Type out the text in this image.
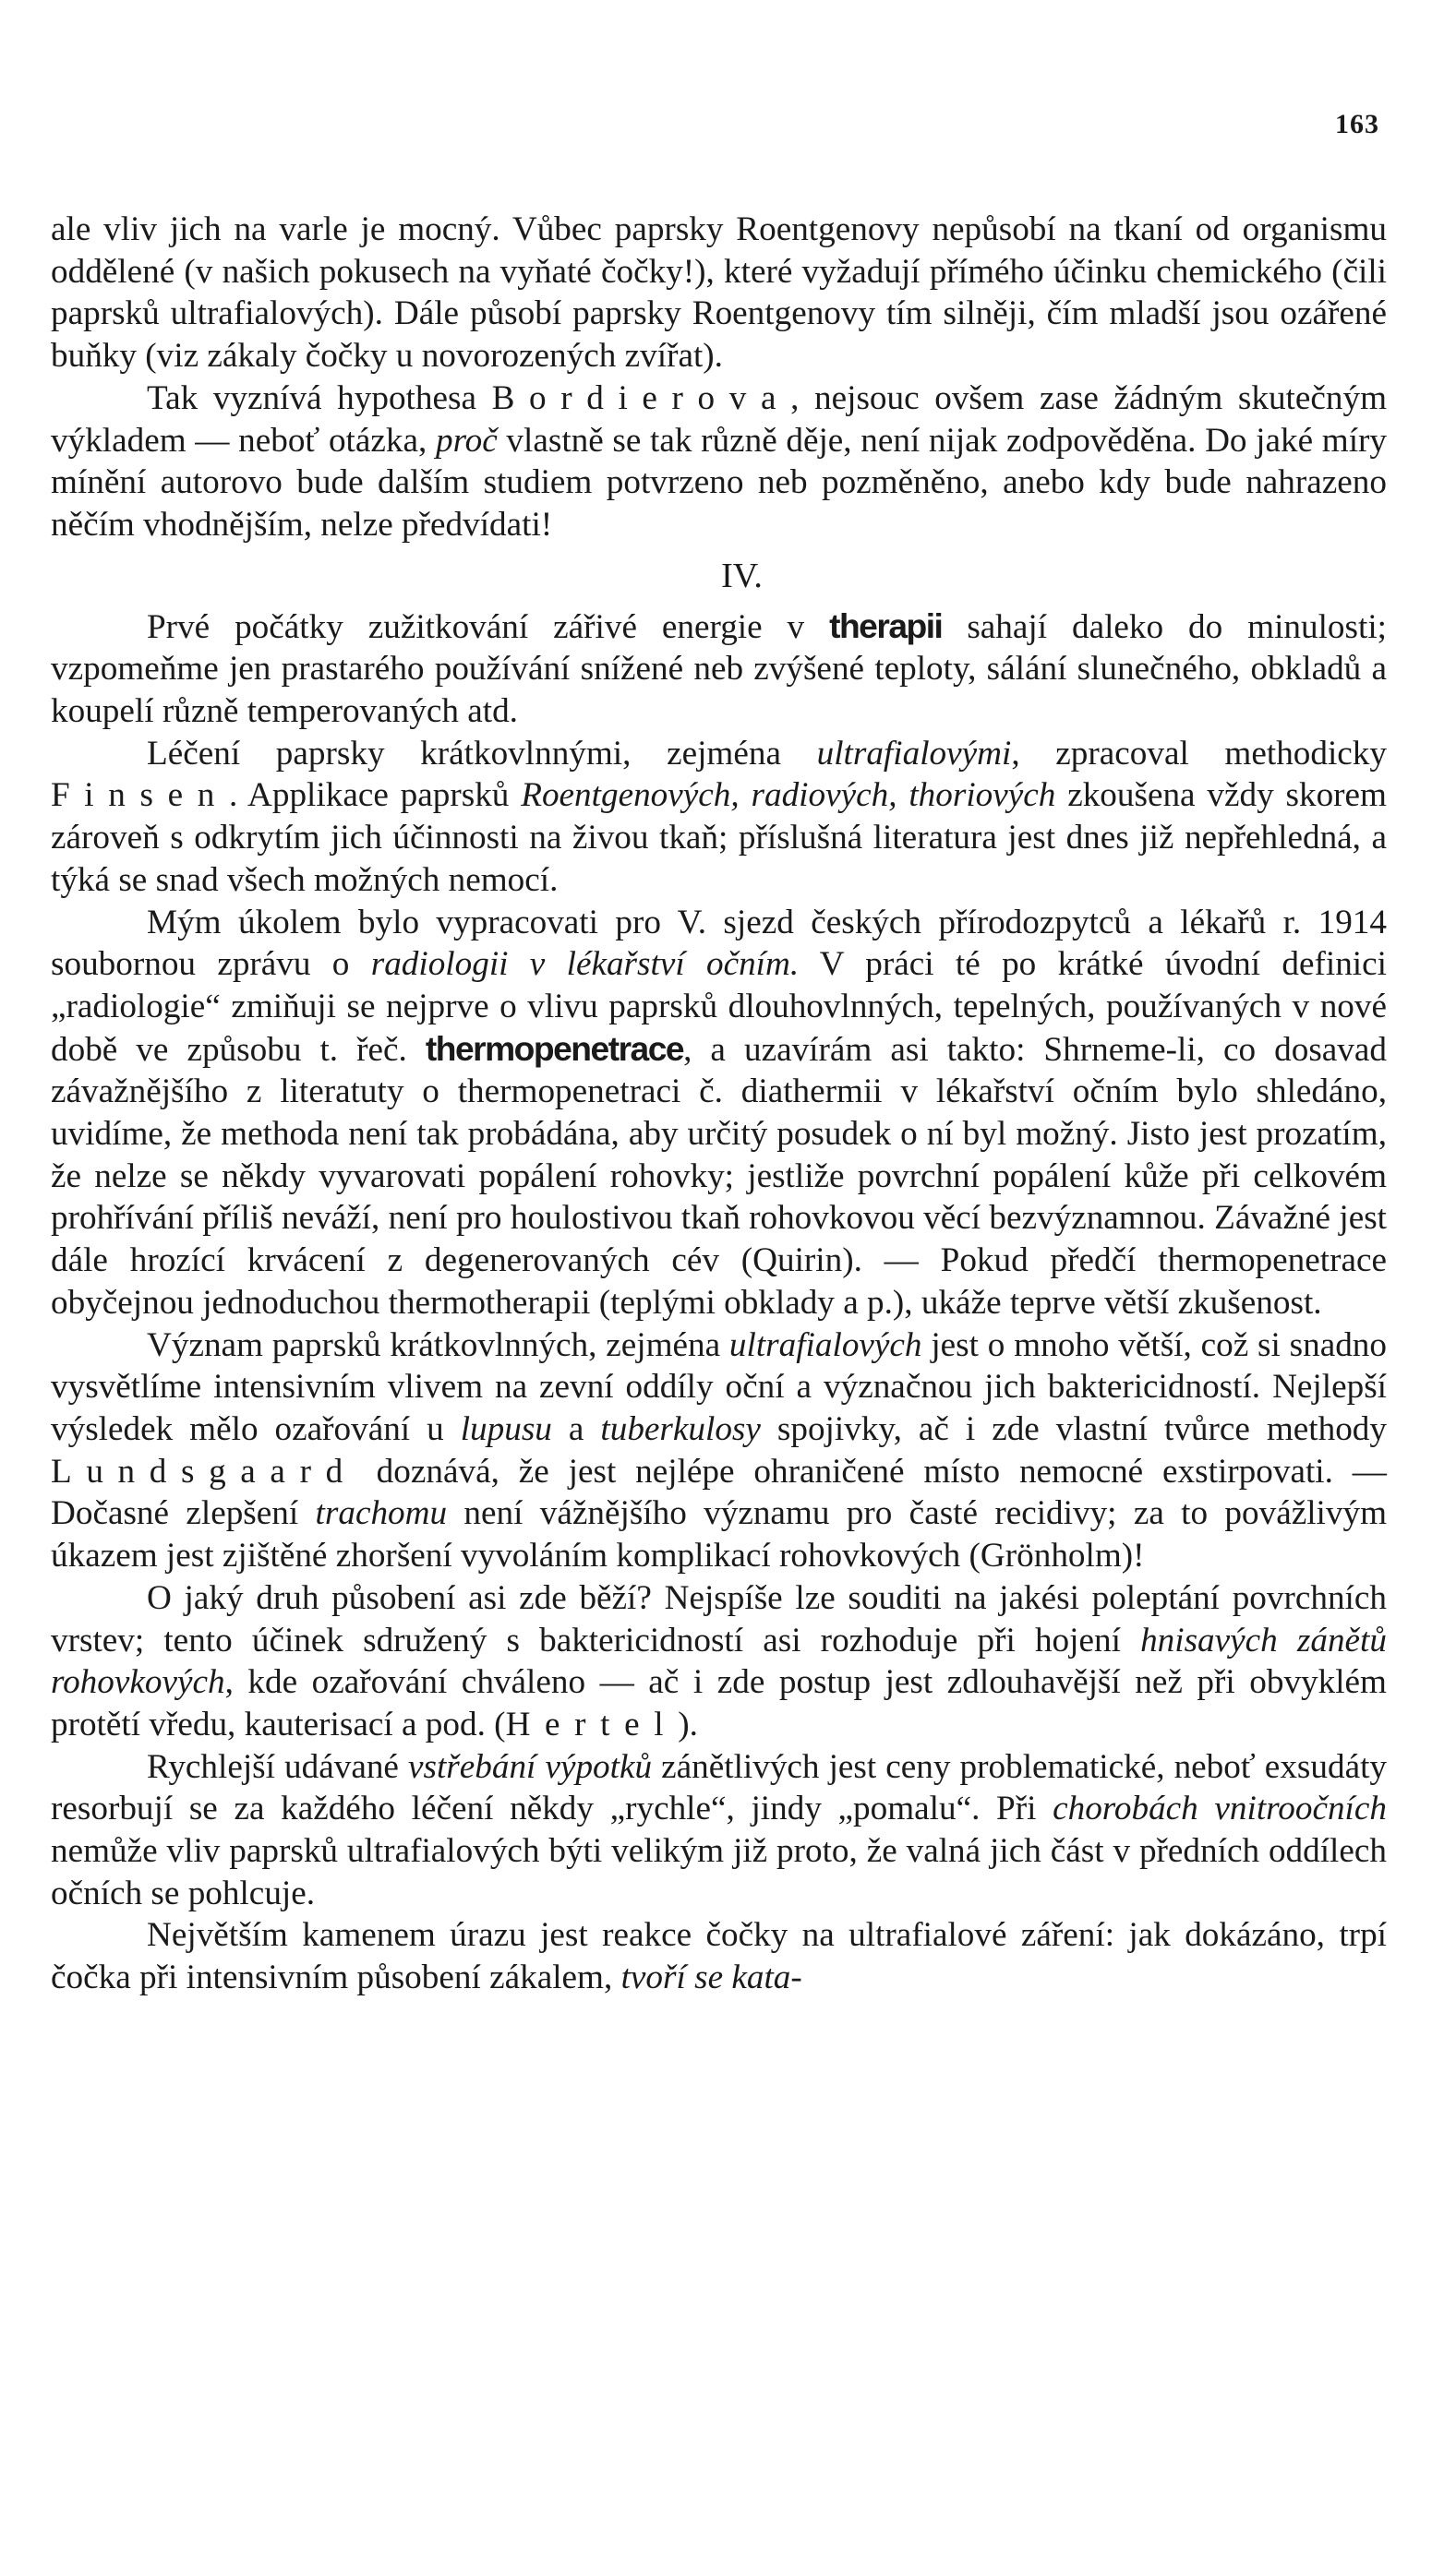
163

ale vliv jich na varle je mocný. Vůbec paprsky Roentgenovy nepůsobí na tkaní od organismu oddělené (v našich pokusech na vyňaté čočky!), které vyžadují přímého účinku chemického (čili paprsků ultrafialových). Dále působí paprsky Roentgenovy tím silněji, čím mladší jsou ozářené buňky (viz zákaly čočky u novorozených zvířat).

Tak vyznívá hypothesa Bordierova, nejsouc ovšem zase žádným skutečným výkladem — neboť otázka, proč vlastně se tak různě děje, není nijak zodpověděna. Do jaké míry mínění autorovo bude dalším studiem potvrzeno neb pozměněno, anebo kdy bude nahrazeno něčím vhodnějším, nelze předvídati!

IV.

Prvé počátky zužitkování zářivé energie v therapii sahají daleko do minulosti; vzpomeňme jen prastarého používání snížené neb zvýšené teploty, sálání slunečného, obkladů a koupelí různě temperovaných atd.

Léčení paprsky krátkovlnnými, zejména ultrafialovými, zpracoval methodicky Finsen. Applikace paprsků Roentgenových, radiových, thoriových zkoušena vždy skorem zároveň s odkrytím jich účinnosti na živou tkaň; příslušná literatura jest dnes již nepřehledná, a týká se snad všech možných nemocí.

Mým úkolem bylo vypracovati pro V. sjezd českých přírodozpytců a lékařů r. 1914 soubornou zprávu o radiologii v lékařství očním. V práci té po krátké úvodní definici „radiologie“ zmiňuji se nejprve o vlivu paprsků dlouhovlnných, tepelných, používaných v nové době ve způsobu t. řeč. thermopenetrace, a uzavírám asi takto: Shrneme-li, co dosavad závažnějšího z literatuty o thermopenetraci č. diathermii v lékařství očním bylo shledáno, uvidíme, že methoda není tak probádána, aby určitý posudek o ní byl možný. Jisto jest prozatím, že nelze se někdy vyvarovati popálení rohovky; jestliže povrchní popálení kůže při celkovém prohřívání příliš neváží, není pro houlostivou tkaň rohovkovou věcí bezvýznamnou. Závažné jest dále hrozící krvácení z degenerovaných cév (Quirin). — Pokud předčí thermopenetrace obyčejnou jednoduchou thermotherapii (teplými obklady a p.), ukáže teprve větší zkušenost.

Význam paprsků krátkovlnných, zejména ultrafialových jest o mnoho větší, což si snadno vysvětlíme intensivním vlivem na zevní oddíly oční a význačnou jich baktericidností. Nejlepší výsledek mělo ozařování u lupusu a tuberkulosy spojivky, ač i zde vlastní tvůrce methody Lundsgaard doznává, že jest nejlépe ohraničené místo nemocné exstirpovati. — Dočasné zlepšení trachomu není vážnějšího významu pro časté recidivy; za to povážlivým úkazem jest zjištěné zhoršení vyvoláním komplikací rohovkových (Grönholm)!

O jaký druh působení asi zde běží? Nejspíše lze souditi na jakési poleptání povrchních vrstev; tento účinek sdružený s baktericidností asi rozhoduje při hojení hnisavých zánětů rohovkových, kde ozařování chváleno — ač i zde postup jest zdlouhavější než při obvyklém protětí vředu, kauterisací a pod. (Hertel).

Rychlejší udávané vstřebání výpotků zánětlivých jest ceny problematické, neboť exsudáty resorbují se za každého léčení někdy „rychle“, jindy „pomalu“. Při chorobách vnitroočních nemůže vliv paprsků ultrafialových býti velikým již proto, že valná jich část v předních oddílech očních se pohlcuje.

Největším kamenem úrazu jest reakce čočky na ultrafialové záření: jak dokázáno, trpí čočka při intensivním působení zákalem, tvoří se kata-
